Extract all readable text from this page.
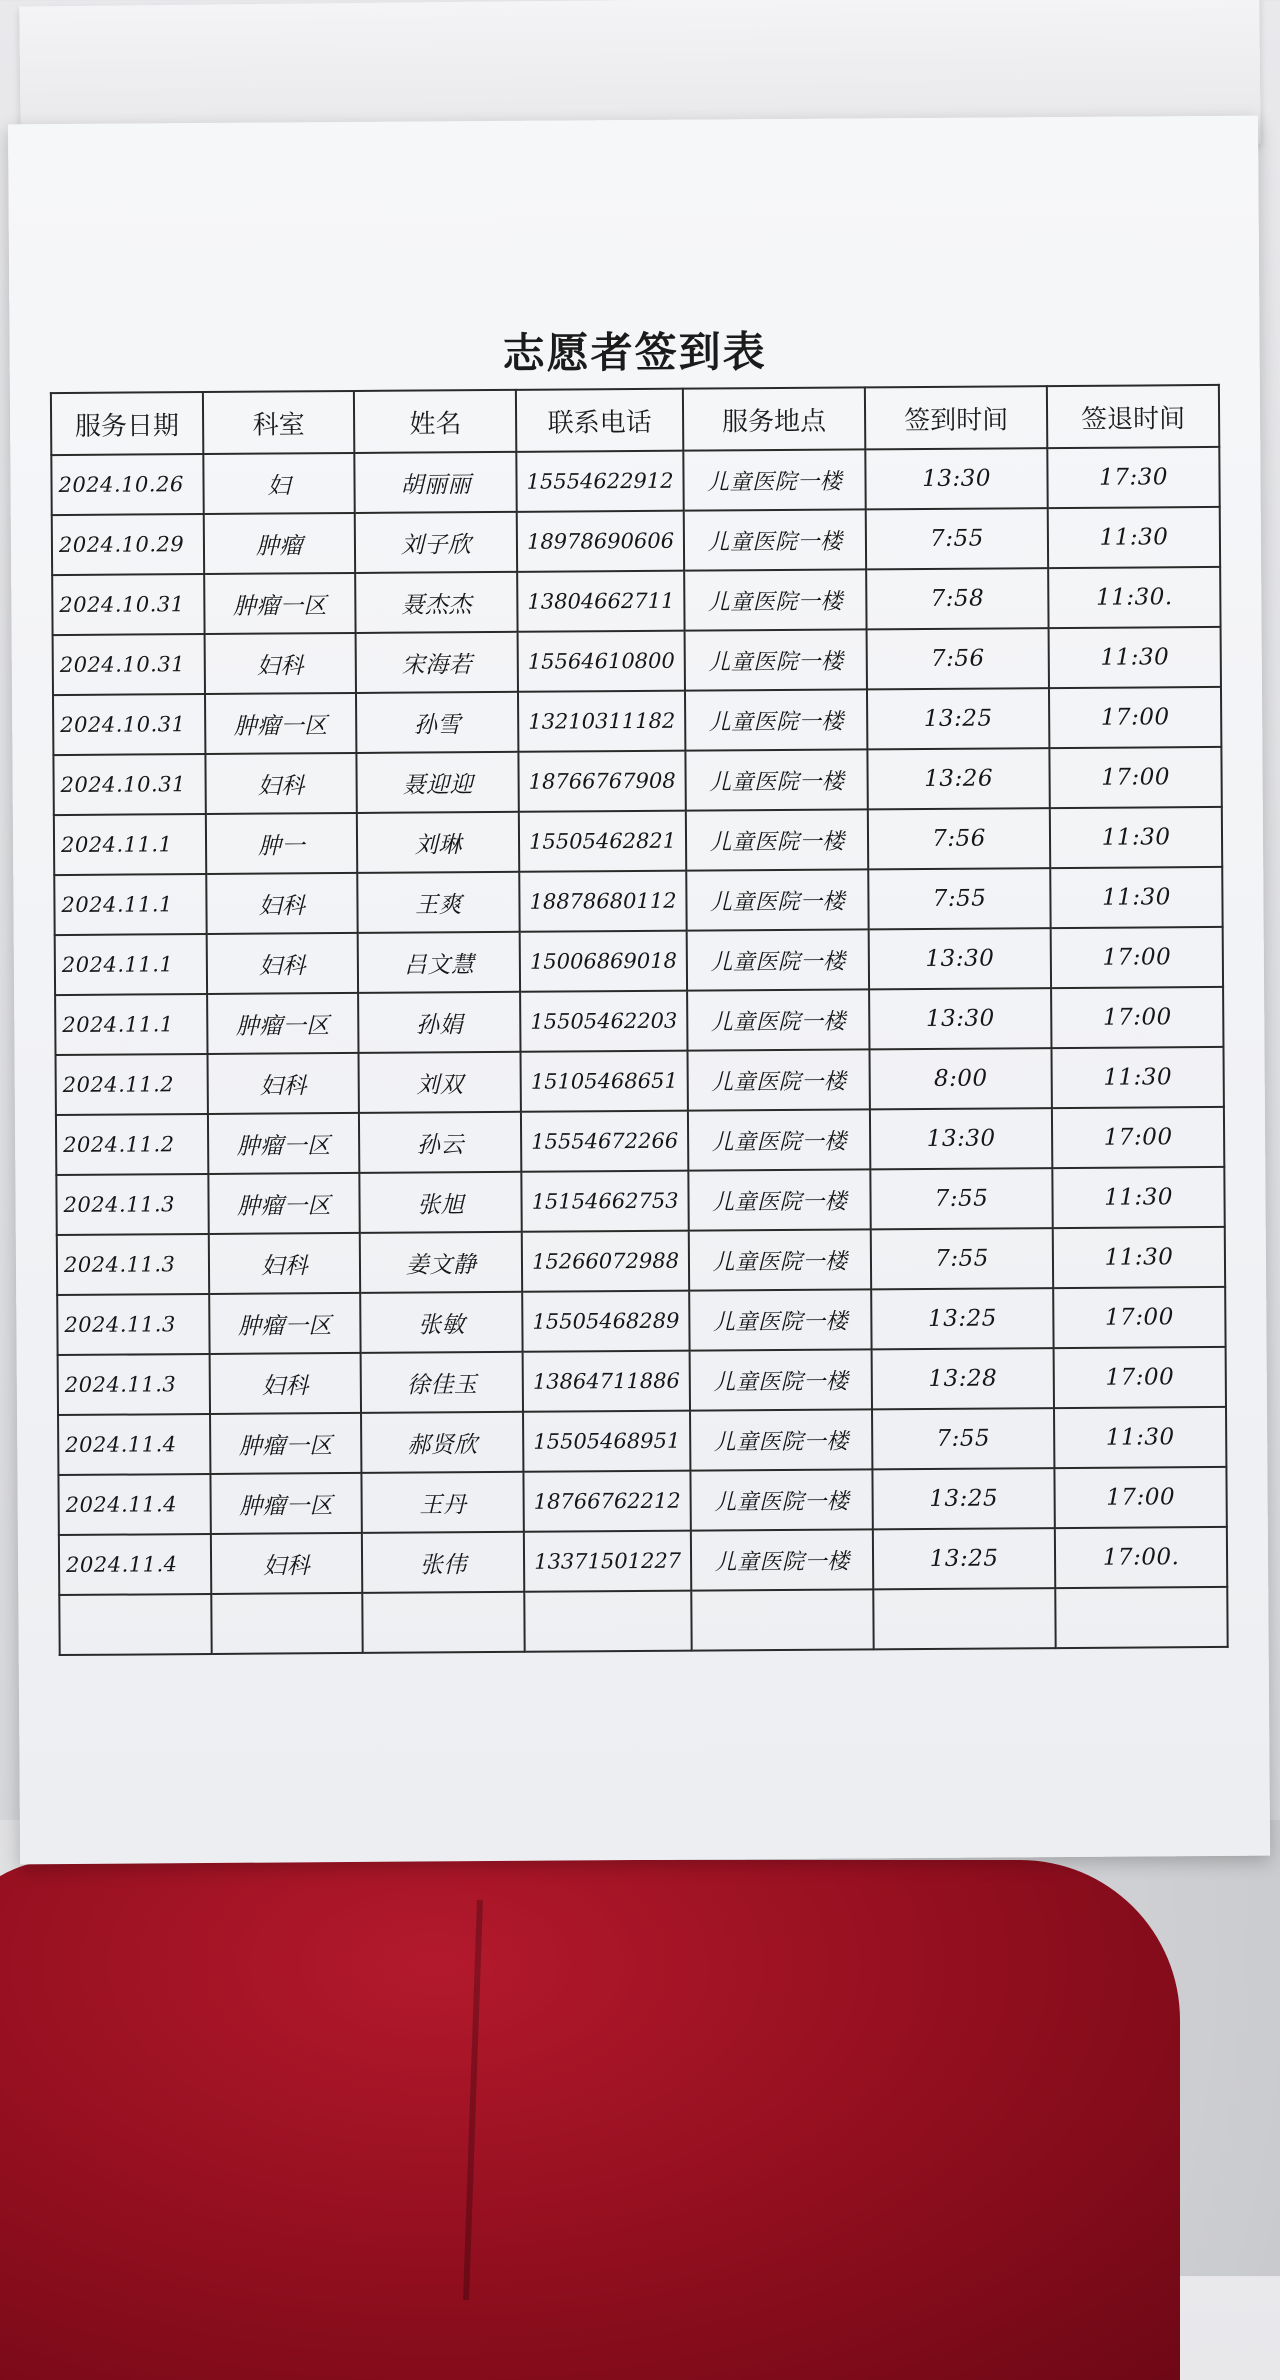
志愿者签到表
服务日期	科室	姓名	联系电话	服务地点	签到时间	签退时间
2024.10.26	妇	胡丽丽	15554622912	儿童医院一楼	13:30	17:30
2024.10.29	肿瘤	刘子欣	18978690606	儿童医院一楼	7:55	11:30
2024.10.31	肿瘤一区	聂杰杰	13804662711	儿童医院一楼	7:58	11:30.
2024.10.31	妇科	宋海若	15564610800	儿童医院一楼	7:56	11:30
2024.10.31	肿瘤一区	孙雪	13210311182	儿童医院一楼	13:25	17:00
2024.10.31	妇科	聂迎迎	18766767908	儿童医院一楼	13:26	17:00
2024.11.1	肿一	刘琳	15505462821	儿童医院一楼	7:56	11:30
2024.11.1	妇科	王爽	18878680112	儿童医院一楼	7:55	11:30
2024.11.1	妇科	吕文慧	15006869018	儿童医院一楼	13:30	17:00
2024.11.1	肿瘤一区	孙娟	15505462203	儿童医院一楼	13:30	17:00
2024.11.2	妇科	刘双	15105468651	儿童医院一楼	8:00	11:30
2024.11.2	肿瘤一区	孙云	15554672266	儿童医院一楼	13:30	17:00
2024.11.3	肿瘤一区	张旭	15154662753	儿童医院一楼	7:55	11:30
2024.11.3	妇科	姜文静	15266072988	儿童医院一楼	7:55	11:30
2024.11.3	肿瘤一区	张敏	15505468289	儿童医院一楼	13:25	17:00
2024.11.3	妇科	徐佳玉	13864711886	儿童医院一楼	13:28	17:00
2024.11.4	肿瘤一区	郝贤欣	15505468951	儿童医院一楼	7:55	11:30
2024.11.4	肿瘤一区	王丹	18766762212	儿童医院一楼	13:25	17:00
2024.11.4	妇科	张伟	13371501227	儿童医院一楼	13:25	17:00.
